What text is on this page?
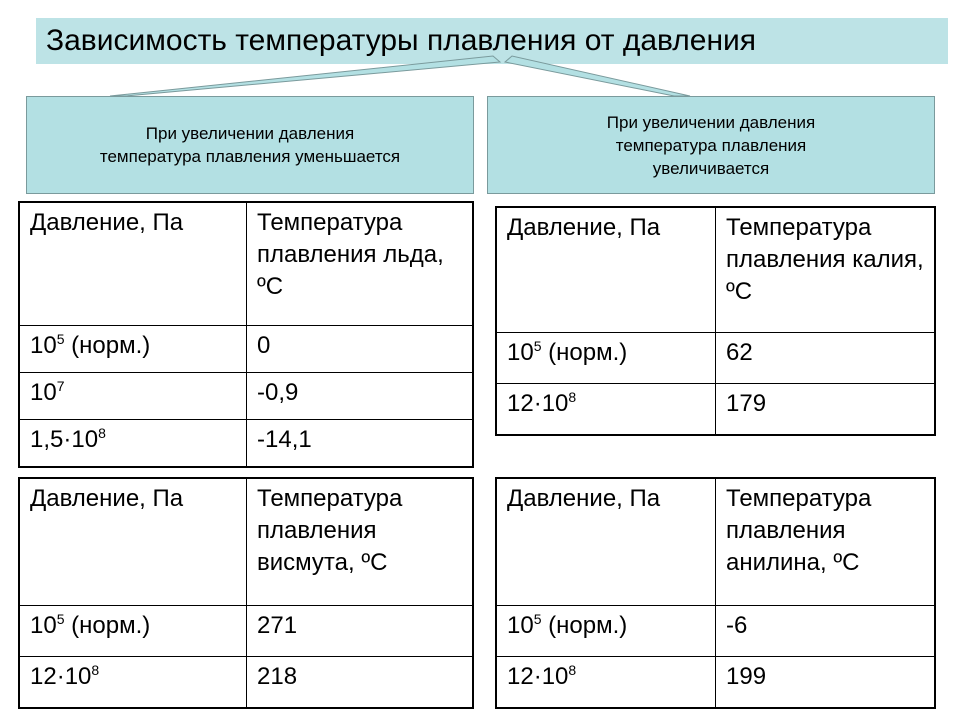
Зависимость температуры плавления от давления
При увеличении давления
температура плавления уменьшается
При увеличении давления
температура плавления
увеличивается
Давление, Па	Температура плавления льда, ºC
$10^5$ (норм.)	0
$10^7$	-0,9
$1,5\cdot 10^8$	-14,1
Давление, Па	Температура плавления калия, ºC
$10^5$ (норм.)	62
$12\cdot 10^8$	179
Давление, Па	Температура плавления висмута, ºC
$10^5$ (норм.)	271
$12\cdot 10^8$	218
Давление, Па	Температура плавления анилина, ºC
$10^5$ (норм.)	-6
$12\cdot 10^8$	199
